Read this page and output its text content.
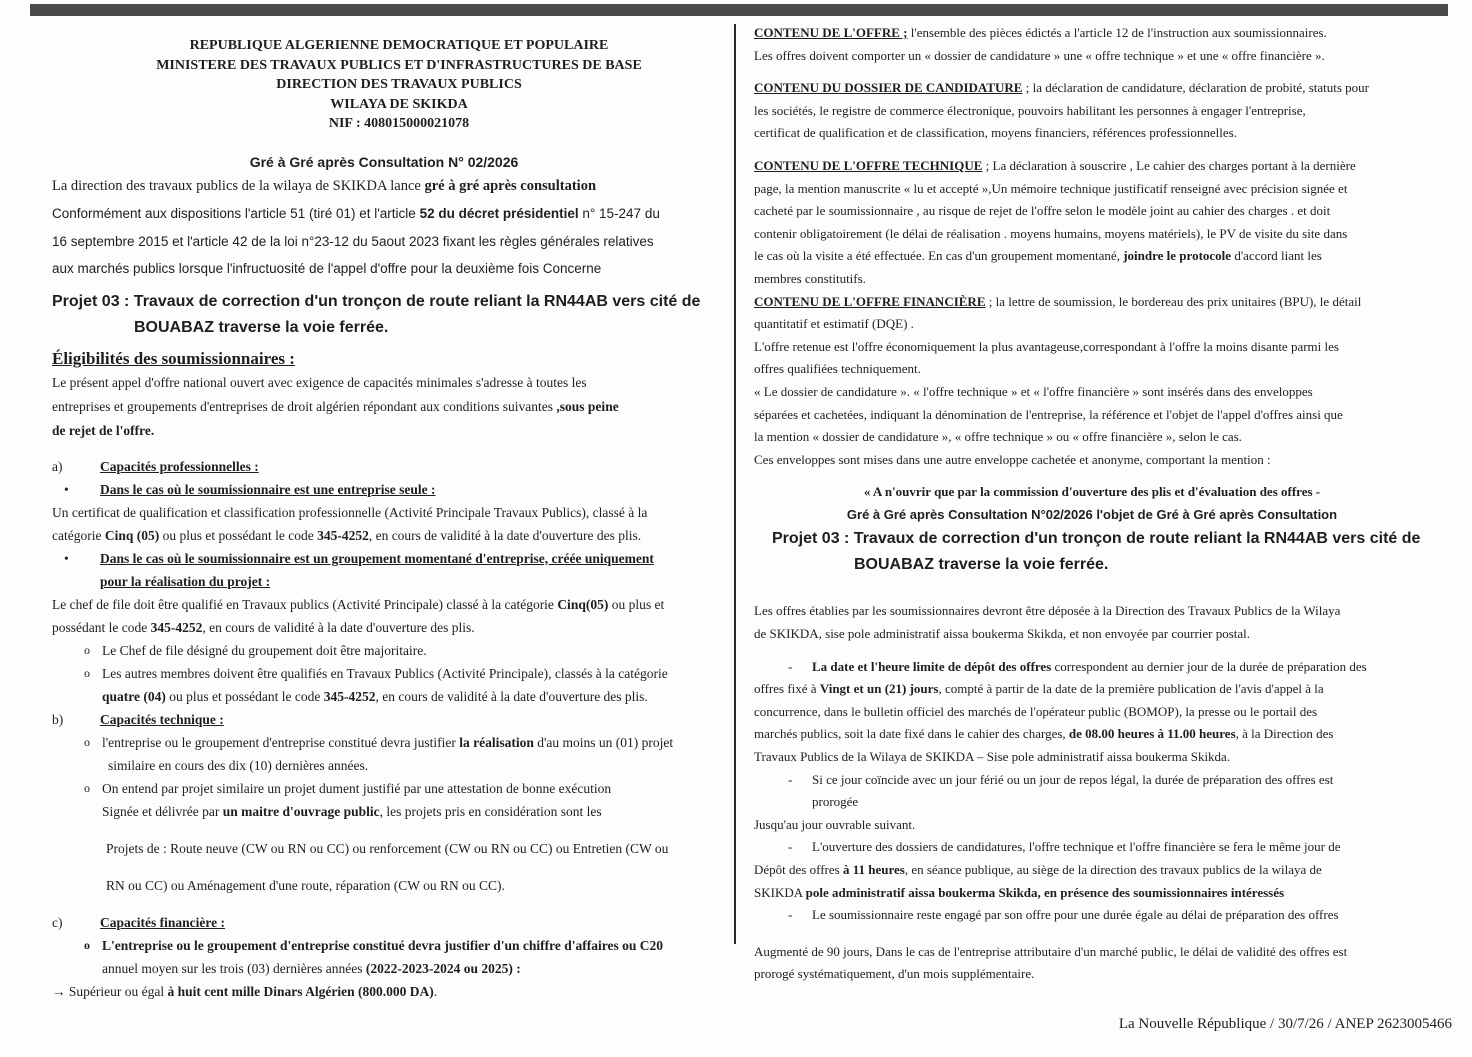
REPUBLIQUE ALGERIENNE DEMOCRATIQUE ET POPULAIRE
MINISTERE DES TRAVAUX PUBLICS ET D'INFRASTRUCTURES DE BASE
DIRECTION DES TRAVAUX PUBLICS
WILAYA DE SKIKDA
NIF : 408015000021078
Gré à Gré après Consultation N° 02/2026
La direction des travaux publics de la wilaya de SKIKDA lance gré à gré après consultation
Conformément aux dispositions l'article 51 (tiré 01) et l'article 52 du décret présidentiel n° 15-247 du
16 septembre 2015 et l'article 42 de la loi n°23-12 du 5aout 2023 fixant les règles générales relatives
aux marchés publics lorsque l'infructuosité de l'appel d'offre pour la deuxième fois Concerne
Projet 03 : Travaux de correction d'un tronçon de route reliant la RN44AB vers cité de
BOUABAZ traverse la voie ferrée.
Éligibilités des soumissionnaires :
Le présent appel d'offre national ouvert avec exigence de capacités minimales s'adresse à toutes les
entreprises et groupements d'entreprises de droit algérien répondant aux conditions suivantes ,sous peine
de rejet de l'offre.
a)	Capacités professionnelles :
• Dans le cas où le soumissionnaire est une entreprise seule :
Un certificat de qualification et classification professionnelle (Activité Principale Travaux Publics), classé à la
catégorie Cinq (05) ou plus et possédant le code 345-4252, en cours de validité à la date d'ouverture des plis.
• Dans le cas où le soumissionnaire est un groupement momentané d'entreprise, créée uniquement
pour la réalisation du projet :
Le chef de file doit être qualifié en Travaux publics (Activité Principale) classé à la catégorie Cinq(05) ou plus et
possédant le code 345-4252, en cours de validité à la date d'ouverture des plis.
o Le Chef de file désigné du groupement doit être majoritaire.
o Les autres membres doivent être qualifiés en Travaux Publics (Activité Principale), classés à la catégorie
quatre (04) ou plus et possédant le code 345-4252, en cours de validité à la date d'ouverture des plis.
b)	Capacités technique :
o l'entreprise ou le groupement d'entreprise constitué devra justifier la réalisation d'au moins un (01) projet
similaire en cours des dix (10) dernières années.
o On entend par projet similaire un projet dument justifié par une attestation de bonne exécution
Signée et délivrée par un maitre d'ouvrage public, les projets pris en considération sont les
Projets de : Route neuve (CW ou RN ou CC) ou renforcement (CW ou RN ou CC) ou Entretien (CW ou
RN ou CC) ou Aménagement d'une route, réparation (CW ou RN ou CC).
c)	Capacités financière :
o L'entreprise ou le groupement d'entreprise constitué devra justifier d'un chiffre d'affaires ou C20
annuel moyen sur les trois (03) dernières années (2022-2023-2024 ou 2025) :
→ Supérieur ou égal à huit cent mille Dinars Algérien (800.000 DA).
CONTENU DE L'OFFRE ; l'ensemble des pièces édictés a l'article 12 de l'instruction aux soumissionnaires.
Les offres doivent comporter un « dossier de candidature » une « offre technique » et une « offre financière ».
CONTENU DU DOSSIER DE CANDIDATURE ; la déclaration de candidature, déclaration de probité, statuts pour
les sociétés, le registre de commerce électronique, pouvoirs habilitant les personnes à engager l'entreprise,
certificat de qualification et de classification, moyens financiers, références professionnelles.
CONTENU DE L'OFFRE TECHNIQUE ; La déclaration à souscrire , Le cahier des charges portant à la dernière
page, la mention manuscrite « lu et accepté »,Un mémoire technique justificatif renseigné avec précision signée et
cacheté par le soumissionnaire , au risque de rejet de l'offre selon le modèle joint au cahier des charges . et doit
contenir obligatoirement (le délai de réalisation . moyens humains, moyens matériels), le PV de visite du site dans
le cas où la visite a été effectuée. En cas d'un groupement momentané, joindre le protocole d'accord liant les
membres constitutifs.
CONTENU DE L'OFFRE FINANCIÈRE ; la lettre de soumission, le bordereau des prix unitaires (BPU), le détail
quantitatif et estimatif (DQE) .
L'offre retenue est l'offre économiquement la plus avantageuse,correspondant à l'offre la moins disante parmi les
offres qualifiées techniquement.
« Le dossier de candidature ». « l'offre technique » et « l'offre financière » sont insérés dans des enveloppes
séparées et cachetées, indiquant la dénomination de l'entreprise, la référence et l'objet de l'appel d'offres ainsi que
la mention « dossier de candidature », « offre technique » ou « offre financière », selon le cas.
Ces enveloppes sont mises dans une autre enveloppe cachetée et anonyme, comportant la mention :
« A n'ouvrir que par la commission d'ouverture des plis et d'évaluation des offres -
Gré à Gré après Consultation N°02/2026 l'objet de Gré à Gré après Consultation
Projet 03 : Travaux de correction d'un tronçon de route reliant la RN44AB vers cité de
BOUABAZ traverse la voie ferrée.
Les offres établies par les soumissionnaires devront être déposée à la Direction des Travaux Publics de la Wilaya
de SKIKDA, sise pole administratif aissa boukerma Skikda, et non envoyée par courrier postal.
- La date et l'heure limite de dépôt des offres correspondent au dernier jour de la durée de préparation des
offres fixé à Vingt et un (21) jours, compté à partir de la date de la première publication de l'avis d'appel à la
concurrence, dans le bulletin officiel des marchés de l'opérateur public (BOMOP), la presse ou le portail des
marchés publics, soit la date fixé dans le cahier des charges, de 08.00 heures à 11.00 heures, à la Direction des
Travaux Publics de la Wilaya de SKIKDA – Sise pole administratif aissa boukerma Skikda.
- Si ce jour coïncide avec un jour férié ou un jour de repos légal, la durée de préparation des offres est
prorogée
Jusqu'au jour ouvrable suivant.
- L'ouverture des dossiers de candidatures, l'offre technique et l'offre financière se fera le même jour de
Dépôt des offres à 11 heures, en séance publique, au siège de la direction des travaux publics de la wilaya de
SKIKDA pole administratif aissa boukerma Skikda, en présence des soumissionnaires intéressés
- Le soumissionnaire reste engagé par son offre pour une durée égale au délai de préparation des offres
Augmenté de 90 jours, Dans le cas de l'entreprise attributaire d'un marché public, le délai de validité des offres est
prorogé systématiquement, d'un mois supplémentaire.
La Nouvelle République / 30/7/26 / ANEP 2623005466
